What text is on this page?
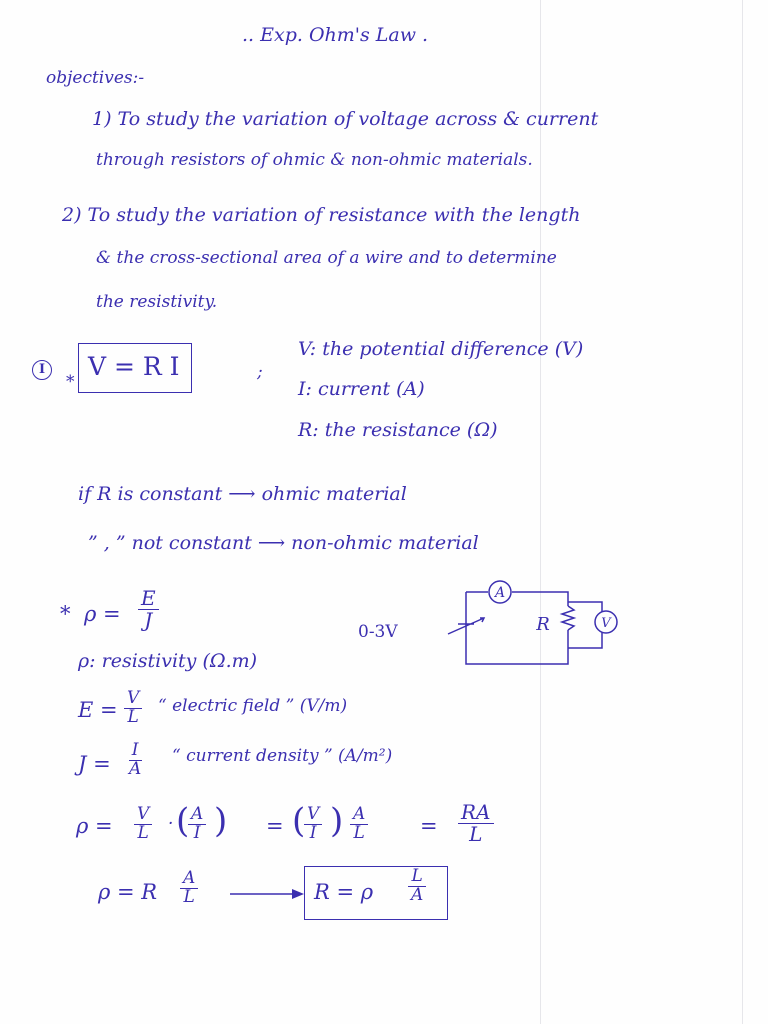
.. Exp. Ohm's Law .
objectives:-
1) To study the variation of voltage across & current
through resistors of ohmic & non-ohmic materials.
2) To study the variation of resistance with the length
& the cross-sectional area of a wire and to determine
the resistivity.
I
*
V = R I	;
V: the potential difference (V)
I: current (A)
R: the resistance (Ω)
if R is constant ⟶ ohmic material
” , ” not constant ⟶ non-ohmic material
* $\rho = \frac{E}{J}$
ρ: resistivity (Ω.m)
$E = \frac{V}{L}$ “ electric field ” (V/m)
$J = \frac{I}{A}$ “ current density ” (A/m²)
$\rho = \frac{V}{L}$ · (
$\frac{A}{I}$ ) = (
$\frac{V}{I}$ ) $\frac{A}{L} = \frac{RA}{L}$
ρ = R $\frac{A}{L}$	R = ρ $\frac{L}{A}$
0-3V
A
V
R
